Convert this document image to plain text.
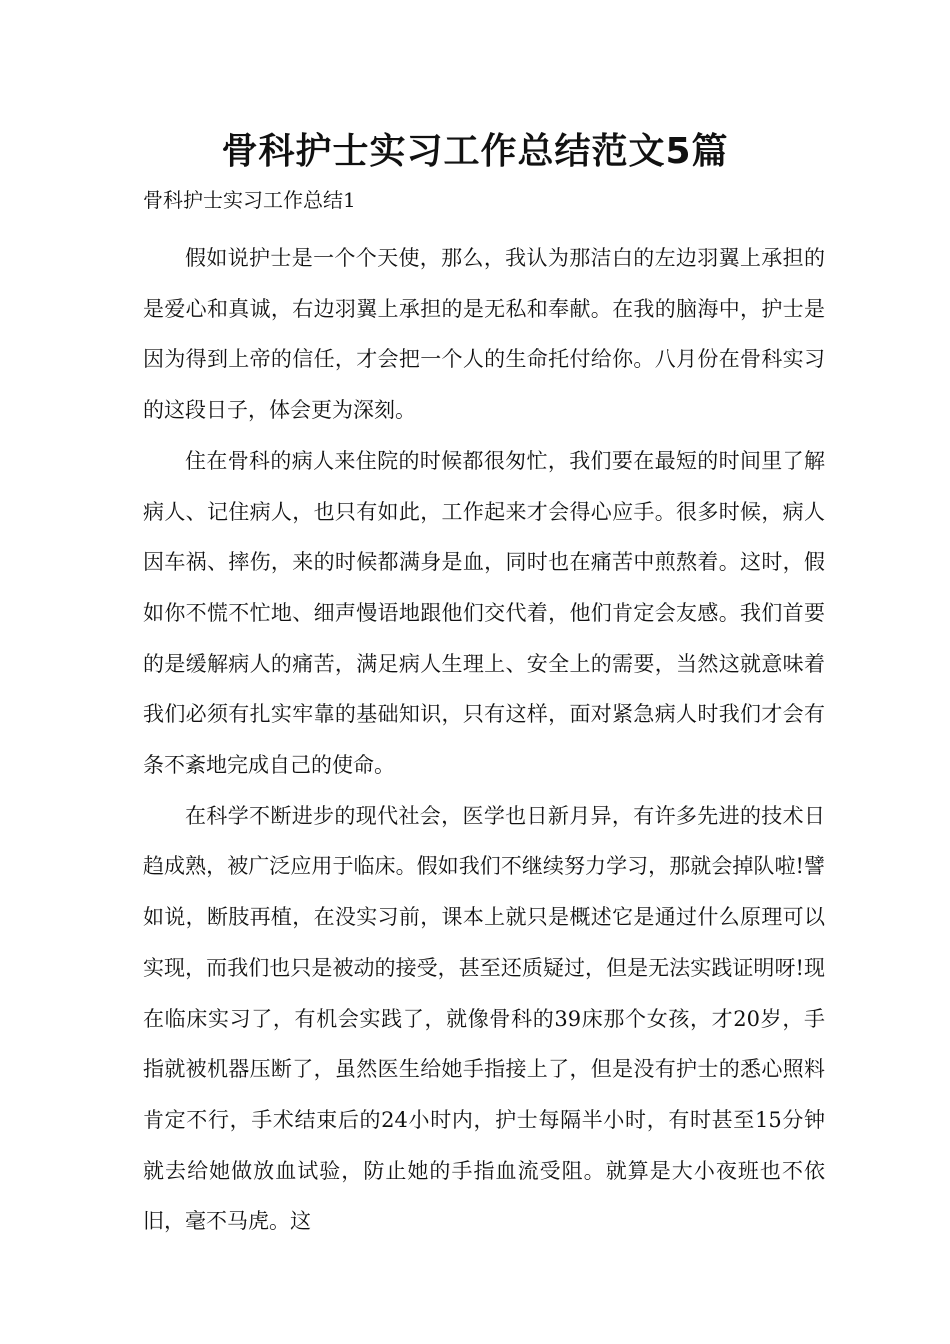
骨科护士实习工作总结范文5篇
骨科护士实习工作总结1

假如说护士是一个个天使，那么，我认为那洁白的左边羽翼上承担的是爱心和真诚，右边羽翼上承担的是无私和奉献。在我的脑海中，护士是因为得到上帝的信任，才会把一个人的生命托付给你。八月份在骨科实习的这段日子，体会更为深刻。

住在骨科的病人来住院的时候都很匆忙，我们要在最短的时间里了解病人、记住病人，也只有如此，工作起来才会得心应手。很多时候，病人因车祸、摔伤，来的时候都满身是血，同时也在痛苦中煎熬着。这时，假如你不慌不忙地、细声慢语地跟他们交代着，他们肯定会友感。我们首要的是缓解病人的痛苦，满足病人生理上、安全上的需要，当然这就意味着我们必须有扎实牢靠的基础知识，只有这样，面对紧急病人时我们才会有条不紊地完成自己的使命。

在科学不断进步的现代社会，医学也日新月异，有许多先进的技术日趋成熟，被广泛应用于临床。假如我们不继续努力学习，那就会掉队啦!譬如说，断肢再植，在没实习前，课本上就只是概述它是通过什么原理可以实现，而我们也只是被动的接受，甚至还质疑过，但是无法实践证明呀!现在临床实习了，有机会实践了，就像骨科的39床那个女孩，才20岁，手指就被机器压断了，虽然医生给她手指接上了，但是没有护士的悉心照料肯定不行，手术结束后的24小时内，护士每隔半小时，有时甚至15分钟就去给她做放血试验，防止她的手指血流受阻。就算是大小夜班也不依旧，毫不马虎。这
